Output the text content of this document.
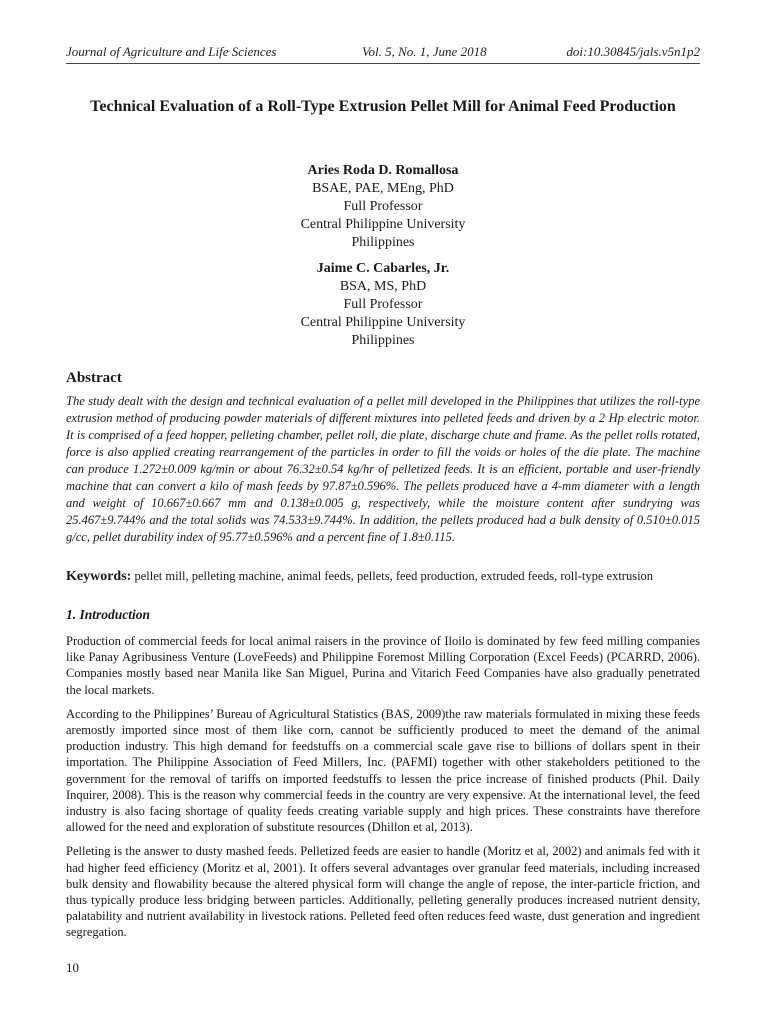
Journal of Agriculture and Life Sciences	Vol. 5, No. 1, June 2018	doi:10.30845/jals.v5n1p2
Technical Evaluation of a Roll-Type Extrusion Pellet Mill for Animal Feed Production
Aries Roda D. Romallosa
BSAE, PAE, MEng, PhD
Full Professor
Central Philippine University
Philippines
Jaime C. Cabarles, Jr.
BSA, MS, PhD
Full Professor
Central Philippine University
Philippines
Abstract

The study dealt with the design and technical evaluation of a pellet mill developed in the Philippines that utilizes the roll-type extrusion method of producing powder materials of different mixtures into pelleted feeds and driven by a 2 Hp electric motor. It is comprised of a feed hopper, pelleting chamber, pellet roll, die plate, discharge chute and frame. As the pellet rolls rotated, force is also applied creating rearrangement of the particles in order to fill the voids or holes of the die plate. The machine can produce 1.272±0.009 kg/min or about 76.32±0.54 kg/hr of pelletized feeds. It is an efficient, portable and user-friendly machine that can convert a kilo of mash feeds by 97.87±0.596%. The pellets produced have a 4-mm diameter with a length and weight of 10.667±0.667 mm and 0.138±0.005 g, respectively, while the moisture content after sundrying was 25.467±9.744% and the total solids was 74.533±9.744%. In addition, the pellets produced had a bulk density of 0.510±0.015 g/cc, pellet durability index of 95.77±0.596% and a percent fine of 1.8±0.115.

Keywords: pellet mill, pelleting machine, animal feeds, pellets, feed production, extruded feeds, roll-type extrusion
1. Introduction

Production of commercial feeds for local animal raisers in the province of Iloilo is dominated by few feed milling companies like Panay Agribusiness Venture (LoveFeeds) and Philippine Foremost Milling Corporation (Excel Feeds) (PCARRD, 2006). Companies mostly based near Manila like San Miguel, Purina and Vitarich Feed Companies have also gradually penetrated the local markets.

According to the Philippines’ Bureau of Agricultural Statistics (BAS, 2009)the raw materials formulated in mixing these feeds aremostly imported since most of them like corn, cannot be sufficiently produced to meet the demand of the animal production industry. This high demand for feedstuffs on a commercial scale gave rise to billions of dollars spent in their importation. The Philippine Association of Feed Millers, Inc. (PAFMI) together with other stakeholders petitioned to the government for the removal of tariffs on imported feedstuffs to lessen the price increase of finished products (Phil. Daily Inquirer, 2008). This is the reason why commercial feeds in the country are very expensive. At the international level, the feed industry is also facing shortage of quality feeds creating variable supply and high prices. These constraints have therefore allowed for the need and exploration of substitute resources (Dhillon et al, 2013).

Pelleting is the answer to dusty mashed feeds. Pelletized feeds are easier to handle (Moritz et al, 2002) and animals fed with it had higher feed efficiency (Moritz et al, 2001). It offers several advantages over granular feed materials, including increased bulk density and flowability because the altered physical form will change the angle of repose, the inter-particle friction, and thus typically produce less bridging between particles. Additionally, pelleting generally produces increased nutrient density, palatability and nutrient availability in livestock rations. Pelleted feed often reduces feed waste, dust generation and ingredient segregation.

10
